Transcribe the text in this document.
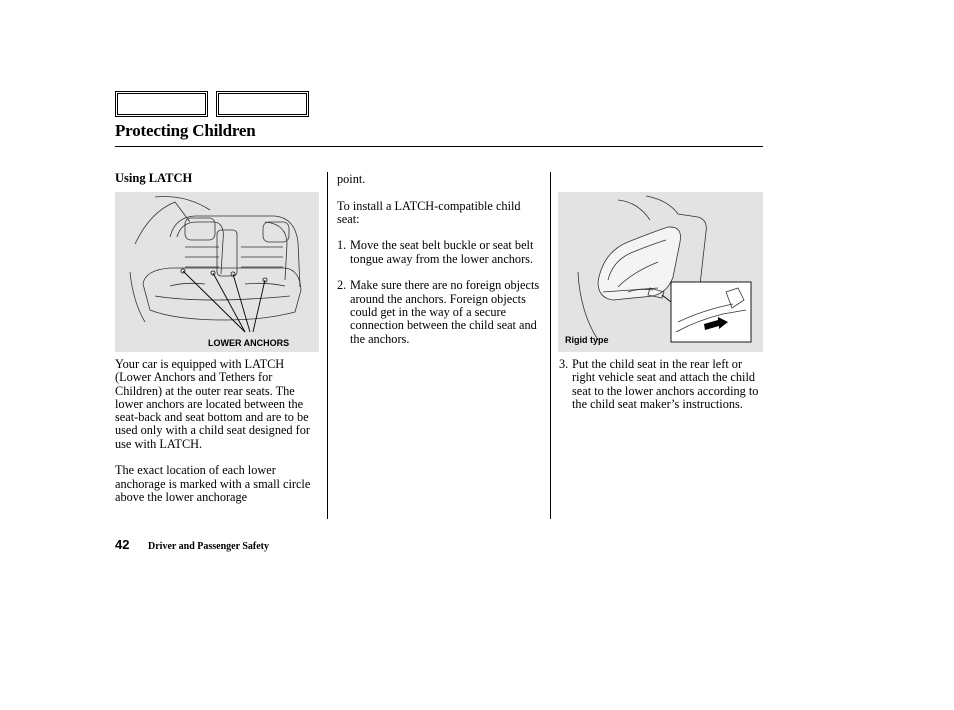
Protecting Children
Using LATCH
LOWER ANCHORS

Your car is equipped with LATCH (Lower Anchors and Tethers for Children) at the outer rear seats. The lower anchors are located between the seat-back and seat bottom and are to be used only with a child seat designed for use with LATCH.

The exact location of each lower anchorage is marked with a small circle above the lower anchorage

point.

To install a LATCH-compatible child seat:

1. Move the seat belt buckle or seat belt tongue away from the lower anchors.
2. Make sure there are no foreign objects around the anchors. Foreign objects could get in the way of a secure connection between the child seat and the anchors.	Rigid type
3. Put the child seat in the rear left or right vehicle seat and attach the child seat to the lower anchors according to the child seat maker’s instructions.
42 Driver and Passenger Safety
